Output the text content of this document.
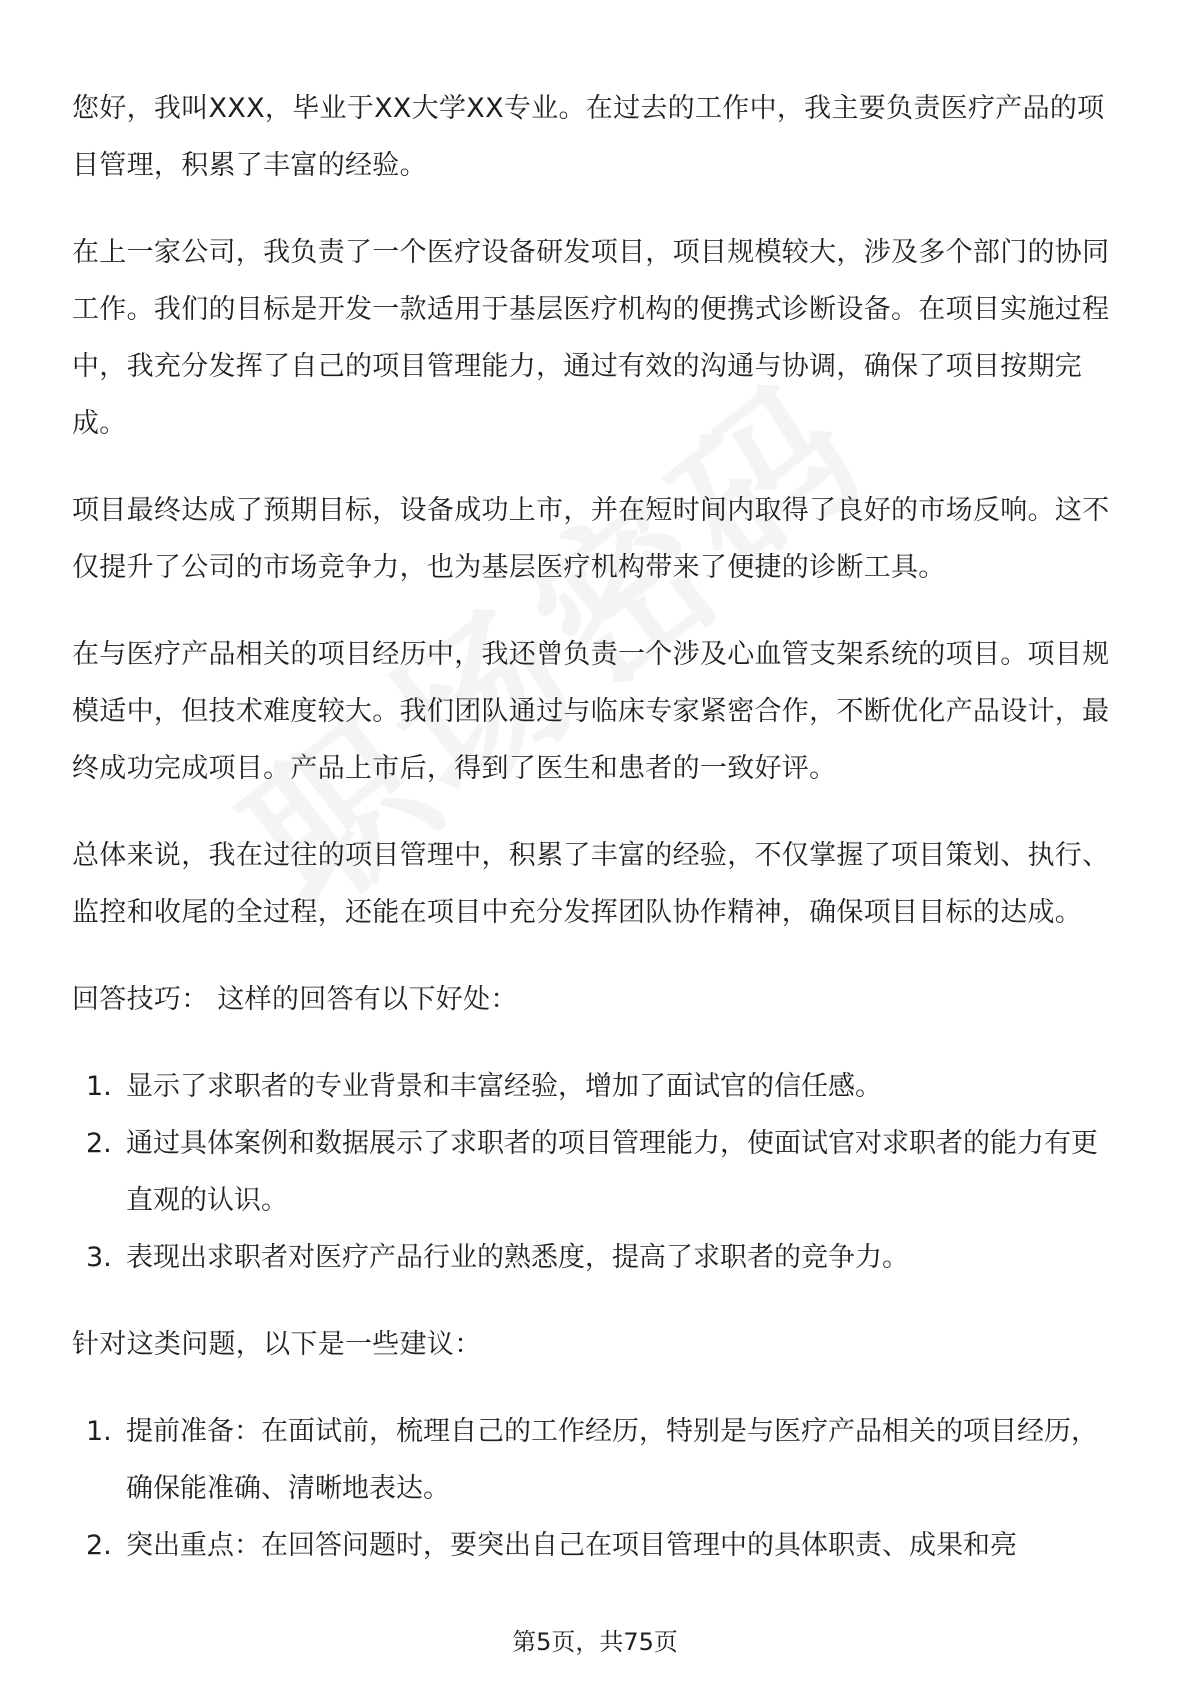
您好，我叫XXX，毕业于XX大学XX专业。在过去的工作中，我主要负责医疗产品的项目管理，积累了丰富的经验。

在上一家公司，我负责了一个医疗设备研发项目，项目规模较大，涉及多个部门的协同工作。我们的目标是开发一款适用于基层医疗机构的便携式诊断设备。在项目实施过程中，我充分发挥了自己的项目管理能力，通过有效的沟通与协调，确保了项目按期完成。

项目最终达成了预期目标，设备成功上市，并在短时间内取得了良好的市场反响。这不仅提升了公司的市场竞争力，也为基层医疗机构带来了便捷的诊断工具。

在与医疗产品相关的项目经历中，我还曾负责一个涉及心血管支架系统的项目。项目规模适中，但技术难度较大。我们团队通过与临床专家紧密合作，不断优化产品设计，最终成功完成项目。产品上市后，得到了医生和患者的一致好评。

总体来说，我在过往的项目管理中，积累了丰富的经验，不仅掌握了项目策划、执行、监控和收尾的全过程，还能在项目中充分发挥团队协作精神，确保项目目标的达成。

回答技巧： 这样的回答有以下好处：

1. 显示了求职者的专业背景和丰富经验，增加了面试官的信任感。
2. 通过具体案例和数据展示了求职者的项目管理能力，使面试官对求职者的能力有更直观的认识。
3. 表现出求职者对医疗产品行业的熟悉度，提高了求职者的竞争力。

针对这类问题，以下是一些建议：

1. 提前准备：在面试前，梳理自己的工作经历，特别是与医疗产品相关的项目经历，确保能准确、清晰地表达。
2. 突出重点：在回答问题时，要突出自己在项目管理中的具体职责、成果和亮
第5页，共75页
